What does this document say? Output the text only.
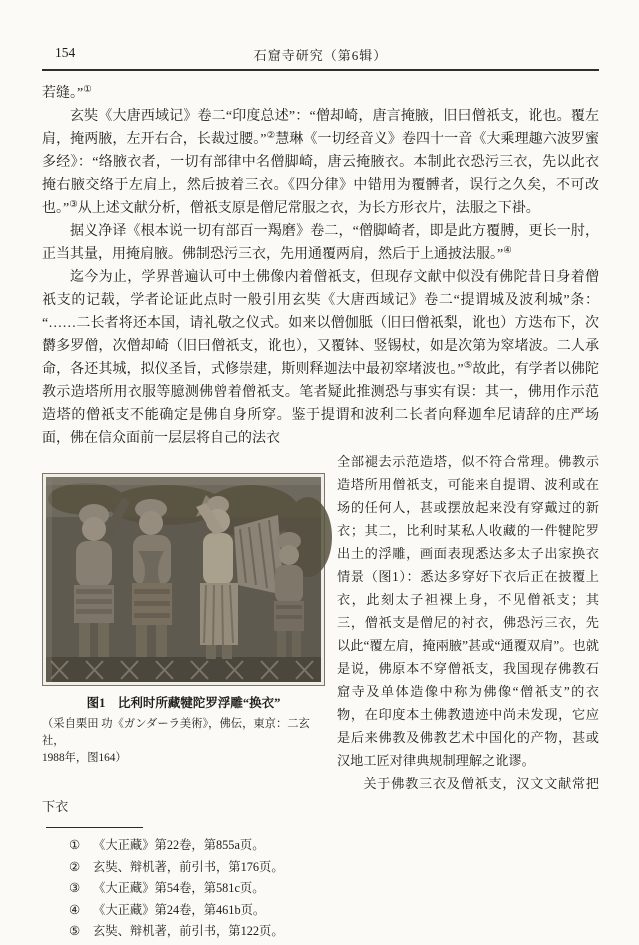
154	石窟寺研究（第6辑）

若缝。”①

玄奘《大唐西域记》卷二“印度总述”：“僧却崎，唐言掩腋，旧曰僧祇支，讹也。覆左肩，掩两腋，左开右合，长裁过腰。”②慧琳《一切经音义》卷四十一音《大乘理趣六波罗蜜多经》：“络腋衣者，一切有部律中名僧脚崎，唐云掩腋衣。本制此衣恐污三衣，先以此衣掩右腋交络于左肩上，然后披着三衣。《四分律》中错用为覆髆者，误行之久矣，不可改也。”③从上述文献分析，僧祇支原是僧尼常服之衣，为长方形衣片，法服之下褂。

据义净译《根本说一切有部百一羯磨》卷二，“僧脚崎者，即是此方覆膊，更长一肘，正当其量，用掩肩腋。佛制恐污三衣，先用通覆两肩，然后于上通披法服。”④

迄今为止，学界普遍认可中土佛像内着僧祇支，但现存文献中似没有佛陀昔日身着僧祇支的记载，学者论证此点时一般引用玄奘《大唐西域记》卷二“提谓城及波利城”条：“……二长者将还本国，请礼敬之仪式。如来以僧伽胝（旧曰僧祇梨，讹也）方迭布下，次欝多罗僧，次僧却崎（旧曰僧祇支，讹也），又覆钵、竖锡杖，如是次第为窣堵波。二人承命，各还其城，拟仪圣旨，式修崇建，斯则释迦法中最初窣堵波也。”⑤故此，有学者以佛陀教示造塔所用衣服等臆测佛曾着僧祇支。笔者疑此推测恐与事实有误：其一，佛用作示范造塔的僧祇支不能确定是佛自身所穿。鉴于提谓和波利二长者向释迦牟尼请辞的庄严场面，佛在信众面前一层层将自己的法衣

图1　比利时所藏犍陀罗浮雕“换衣”
（采自栗田 功《ガンダーラ美術》，佛伝，東京：二玄社，
1988年，图164）

全部褪去示范造塔，似不符合常理。佛教示造塔所用僧祇支，可能来自提谓、波利或在场的任何人，甚或摆放起来没有穿戴过的新衣；其二，比利时某私人收藏的一件犍陀罗出土的浮雕，画面表现悉达多太子出家换衣情景（图1）：悉达多穿好下衣后正在披覆上衣，此刻太子袒裸上身，不见僧祇支；其三，僧祇支是僧尼的衬衣，佛恐污三衣，先以此“覆左肩，掩兩腋”甚或“通覆双肩”。也就是说，佛原本不穿僧祇支，我国现存佛教石窟寺及单体造像中称为佛像“僧祇支”的衣物，在印度本土佛教遗迹中尚未发现，它应是后来佛教及佛教艺术中国化的产物，甚或汉地工匠对律典规制理解之讹谬。

关于佛教三衣及僧祇支，汉文文献常把下衣

① 《大正藏》第22卷，第855a页。
② 玄奘、辩机著，前引书，第176页。
③ 《大正藏》第54卷，第581c页。
④ 《大正藏》第24卷，第461b页。
⑤ 玄奘、辩机著，前引书，第122页。
